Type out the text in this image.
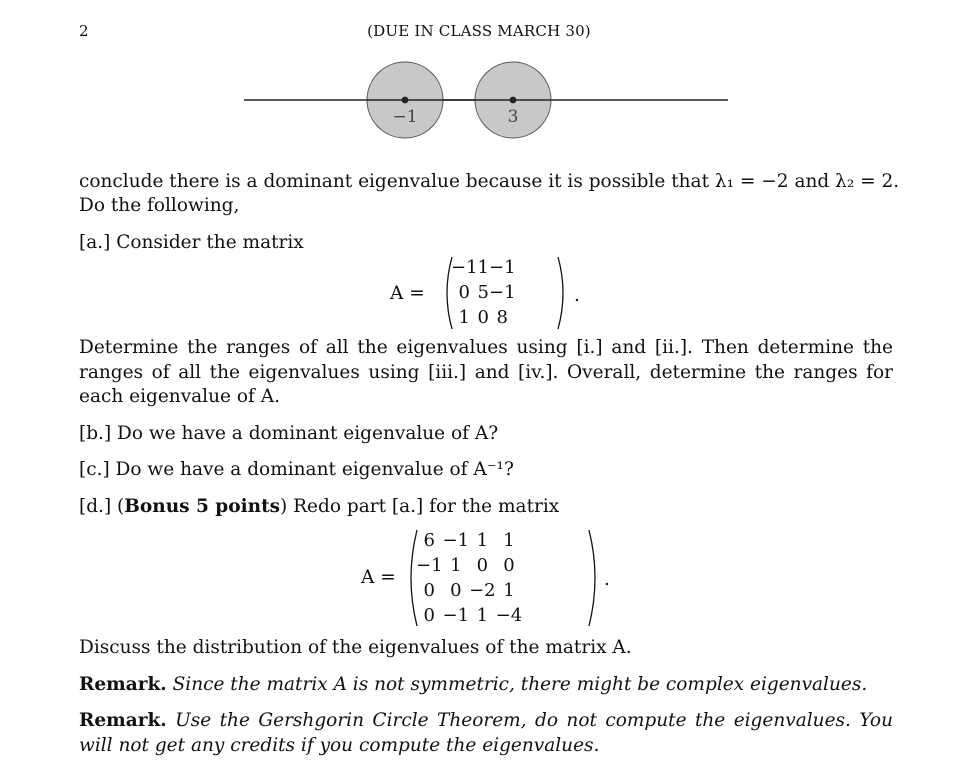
2	(DUE IN CLASS MARCH 30)
−1	3
conclude there is a dominant eigenvalue because it is possible that λ₁ = −2 and λ₂ = 2.
Do the following,
[a.] Consider the matrix
A =
−1	1	−1
0	5	−1
1	0	8
.
Determine the ranges of all the eigenvalues using [i.] and [ii.]. Then determine the ranges of all the eigenvalues using [iii.] and [iv.]. Overall, determine the ranges for each eigenvalue of A.
[b.] Do we have a dominant eigenvalue of A?
[c.] Do we have a dominant eigenvalue of A⁻¹?
[d.] (Bonus 5 points) Redo part [a.] for the matrix
A =
6	−1	1	1
−1	1	0	0
0	0	−2	1
0	−1	1	−4
.
Discuss the distribution of the eigenvalues of the matrix A.
Remark. Since the matrix A is not symmetric, there might be complex eigenvalues.
Remark. Use the Gershgorin Circle Theorem, do not compute the eigenvalues. You will not get any credits if you compute the eigenvalues.
